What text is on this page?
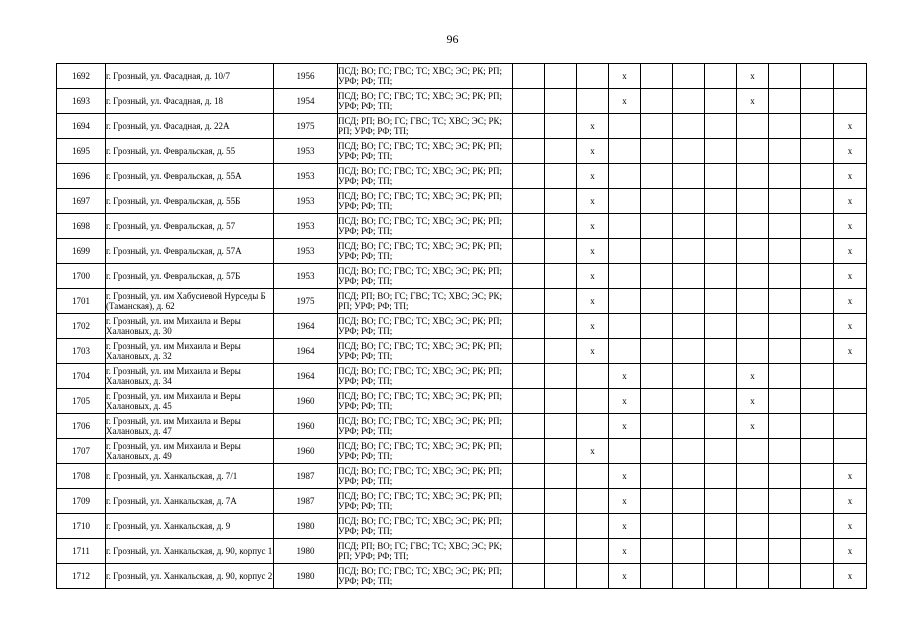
96
1692	г. Грозный, ул. Фасадная, д. 10/7	1956	ПСД; ВО; ГС; ГВС; ТС; ХВС; ЭС; РК; РП; УРФ; РФ; ТП;				x				x			
1693	г. Грозный, ул. Фасадная, д. 18	1954	ПСД; ВО; ГС; ГВС; ТС; ХВС; ЭС; РК; РП; УРФ; РФ; ТП;				x				x			
1694	г. Грозный, ул. Фасадная, д. 22А	1975	ПСД; РП; ВО; ГС; ГВС; ТС; ХВС; ЭС; РК; РП; УРФ; РФ; ТП;			x								x
1695	г. Грозный, ул. Февральская, д. 55	1953	ПСД; ВО; ГС; ГВС; ТС; ХВС; ЭС; РК; РП; УРФ; РФ; ТП;			x								x
1696	г. Грозный, ул. Февральская, д. 55А	1953	ПСД; ВО; ГС; ГВС; ТС; ХВС; ЭС; РК; РП; УРФ; РФ; ТП;			x								x
1697	г. Грозный, ул. Февральская, д. 55Б	1953	ПСД; ВО; ГС; ГВС; ТС; ХВС; ЭС; РК; РП; УРФ; РФ; ТП;			x								x
1698	г. Грозный, ул. Февральская, д. 57	1953	ПСД; ВО; ГС; ГВС; ТС; ХВС; ЭС; РК; РП; УРФ; РФ; ТП;			x								x
1699	г. Грозный, ул. Февральская, д. 57А	1953	ПСД; ВО; ГС; ГВС; ТС; ХВС; ЭС; РК; РП; УРФ; РФ; ТП;			x								x
1700	г. Грозный, ул. Февральская, д. 57Б	1953	ПСД; ВО; ГС; ГВС; ТС; ХВС; ЭС; РК; РП; УРФ; РФ; ТП;			x								x
1701	г. Грозный, ул. им Хабусиевой Нурседы Б (Таманская), д. 62	1975	ПСД; РП; ВО; ГС; ГВС; ТС; ХВС; ЭС; РК; РП; УРФ; РФ; ТП;			x								x
1702	г. Грозный, ул. им Михаила и Веры Халановых, д. 30	1964	ПСД; ВО; ГС; ГВС; ТС; ХВС; ЭС; РК; РП; УРФ; РФ; ТП;			x								x
1703	г. Грозный, ул. им Михаила и Веры Халановых, д. 32	1964	ПСД; ВО; ГС; ГВС; ТС; ХВС; ЭС; РК; РП; УРФ; РФ; ТП;			x								x
1704	г. Грозный, ул. им Михаила и Веры Халановых, д. 34	1964	ПСД; ВО; ГС; ГВС; ТС; ХВС; ЭС; РК; РП; УРФ; РФ; ТП;				x				x			
1705	г. Грозный, ул. им Михаила и Веры Халановых, д. 45	1960	ПСД; ВО; ГС; ГВС; ТС; ХВС; ЭС; РК; РП; УРФ; РФ; ТП;				x				x			
1706	г. Грозный, ул. им Михаила и Веры Халановых, д. 47	1960	ПСД; ВО; ГС; ГВС; ТС; ХВС; ЭС; РК; РП; УРФ; РФ; ТП;				x				x			
1707	г. Грозный, ул. им Михаила и Веры Халановых, д. 49	1960	ПСД; ВО; ГС; ГВС; ТС; ХВС; ЭС; РК; РП; УРФ; РФ; ТП;			x								
1708	г. Грозный, ул. Ханкальская, д. 7/1	1987	ПСД; ВО; ГС; ГВС; ТС; ХВС; ЭС; РК; РП; УРФ; РФ; ТП;				x							x
1709	г. Грозный, ул. Ханкальская, д. 7А	1987	ПСД; ВО; ГС; ГВС; ТС; ХВС; ЭС; РК; РП; УРФ; РФ; ТП;				x							x
1710	г. Грозный, ул. Ханкальская, д. 9	1980	ПСД; ВО; ГС; ГВС; ТС; ХВС; ЭС; РК; РП; УРФ; РФ; ТП;				x							x
1711	г. Грозный, ул. Ханкальская, д. 90, корпус 1	1980	ПСД; РП; ВО; ГС; ГВС; ТС; ХВС; ЭС; РК; РП; УРФ; РФ; ТП;				x							x
1712	г. Грозный, ул. Ханкальская, д. 90, корпус 2	1980	ПСД; ВО; ГС; ГВС; ТС; ХВС; ЭС; РК; РП; УРФ; РФ; ТП;				x							x
